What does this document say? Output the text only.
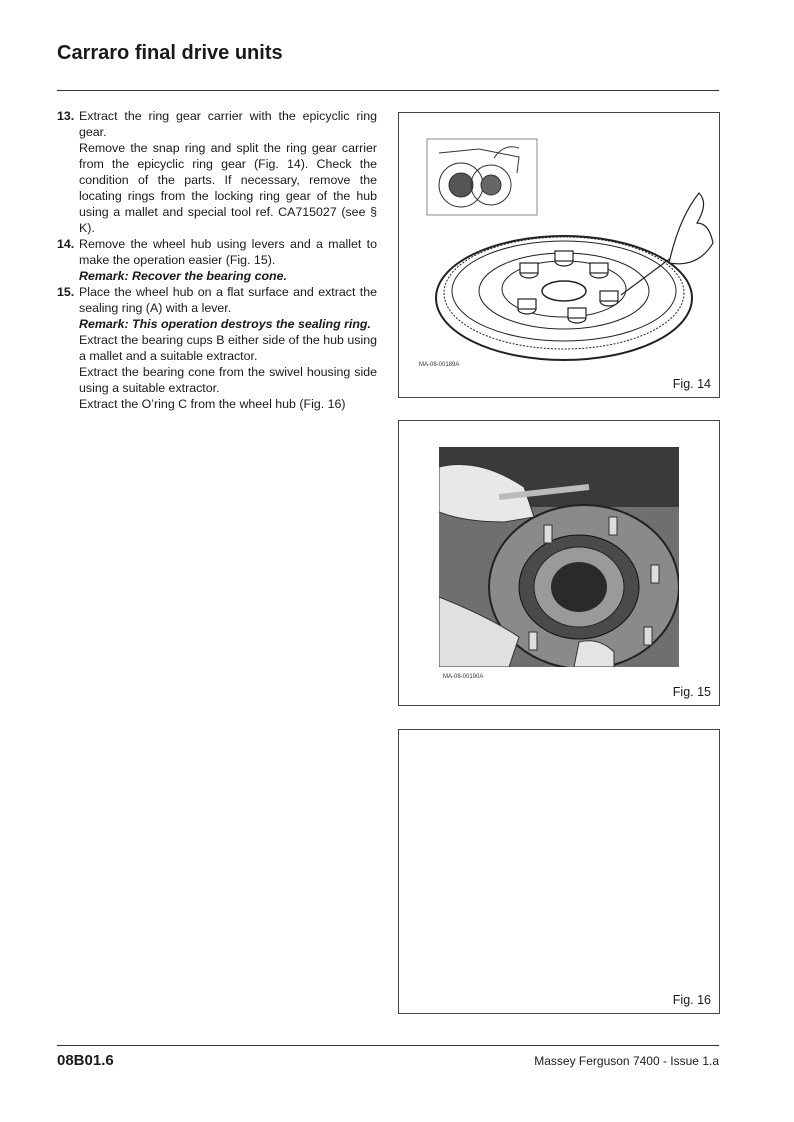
Carraro final drive units
13. Extract the ring gear carrier with the epicyclic ring gear.

Remove the snap ring and split the ring gear carrier from the epicyclic ring gear (Fig. 14). Check the condition of the parts. If necessary, remove the locating rings from the locking ring gear of the hub using a mallet and special tool ref. CA715027 (see § K).

14. Remove the wheel hub using levers and a mallet to make the operation easier (Fig. 15).

Remark: Recover the bearing cone.

15. Place the wheel hub on a flat surface and extract the sealing ring (A) with a lever.

Remark: This operation destroys the sealing ring.

Extract the bearing cups B either side of the hub using a mallet and a suitable extractor.

Extract the bearing cone from the swivel housing side using a suitable extractor.

Extract the O’ring C from the wheel hub (Fig. 16)

MA-08-00189A
Fig. 14
MA-08-00190A
Fig. 15
Fig. 16
08B01.6	Massey Ferguson 7400 - Issue 1.a
